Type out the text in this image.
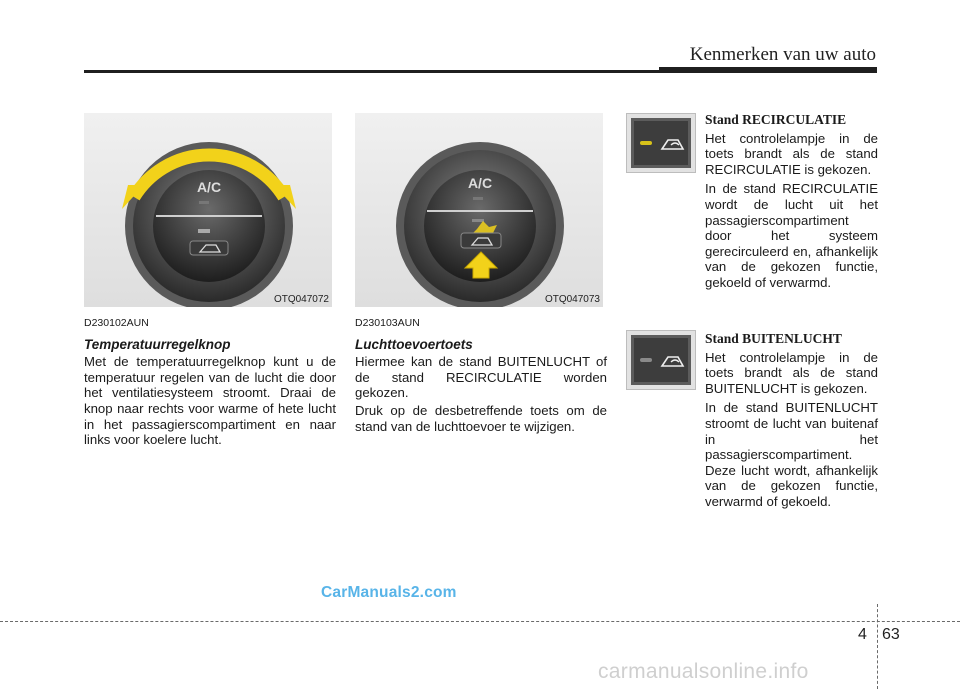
Kenmerken van uw auto
A/C
OTQ047072
A/C
OTQ047073
D230102AUN
Temperatuurregelknop

Met de temperatuurregelknop kunt u de temperatuur regelen van de lucht die door het ventilatiesysteem stroomt. Draai de knop naar rechts voor warme of hete lucht in het passagierscompartiment en naar links voor koelere lucht.

D230103AUN
Luchttoevoertoets

Hiermee kan de stand BUITENLUCHT of de stand RECIRCULATIE worden gekozen.

Druk op de desbetreffende toets om de stand van de luchttoevoer te wijzigen.

Stand RECIRCULATIE

Het controlelampje in de toets brandt als de stand RECIRCULATIE is gekozen.

In de stand RECIRCULATIE wordt de lucht uit het passagierscompartiment door het systeem gerecirculeerd en, afhankelijk van de gekozen functie, gekoeld of verwarmd.

Stand BUITENLUCHT

Het controlelampje in de toets brandt als de stand BUITENLUCHT is gekozen.

In de stand BUITENLUCHT stroomt de lucht van buitenaf in het passagierscompartiment. Deze lucht wordt, afhankelijk van de gekozen functie, verwarmd of gekoeld.

CarManuals2.com
4 63
carmanualsonline.info
